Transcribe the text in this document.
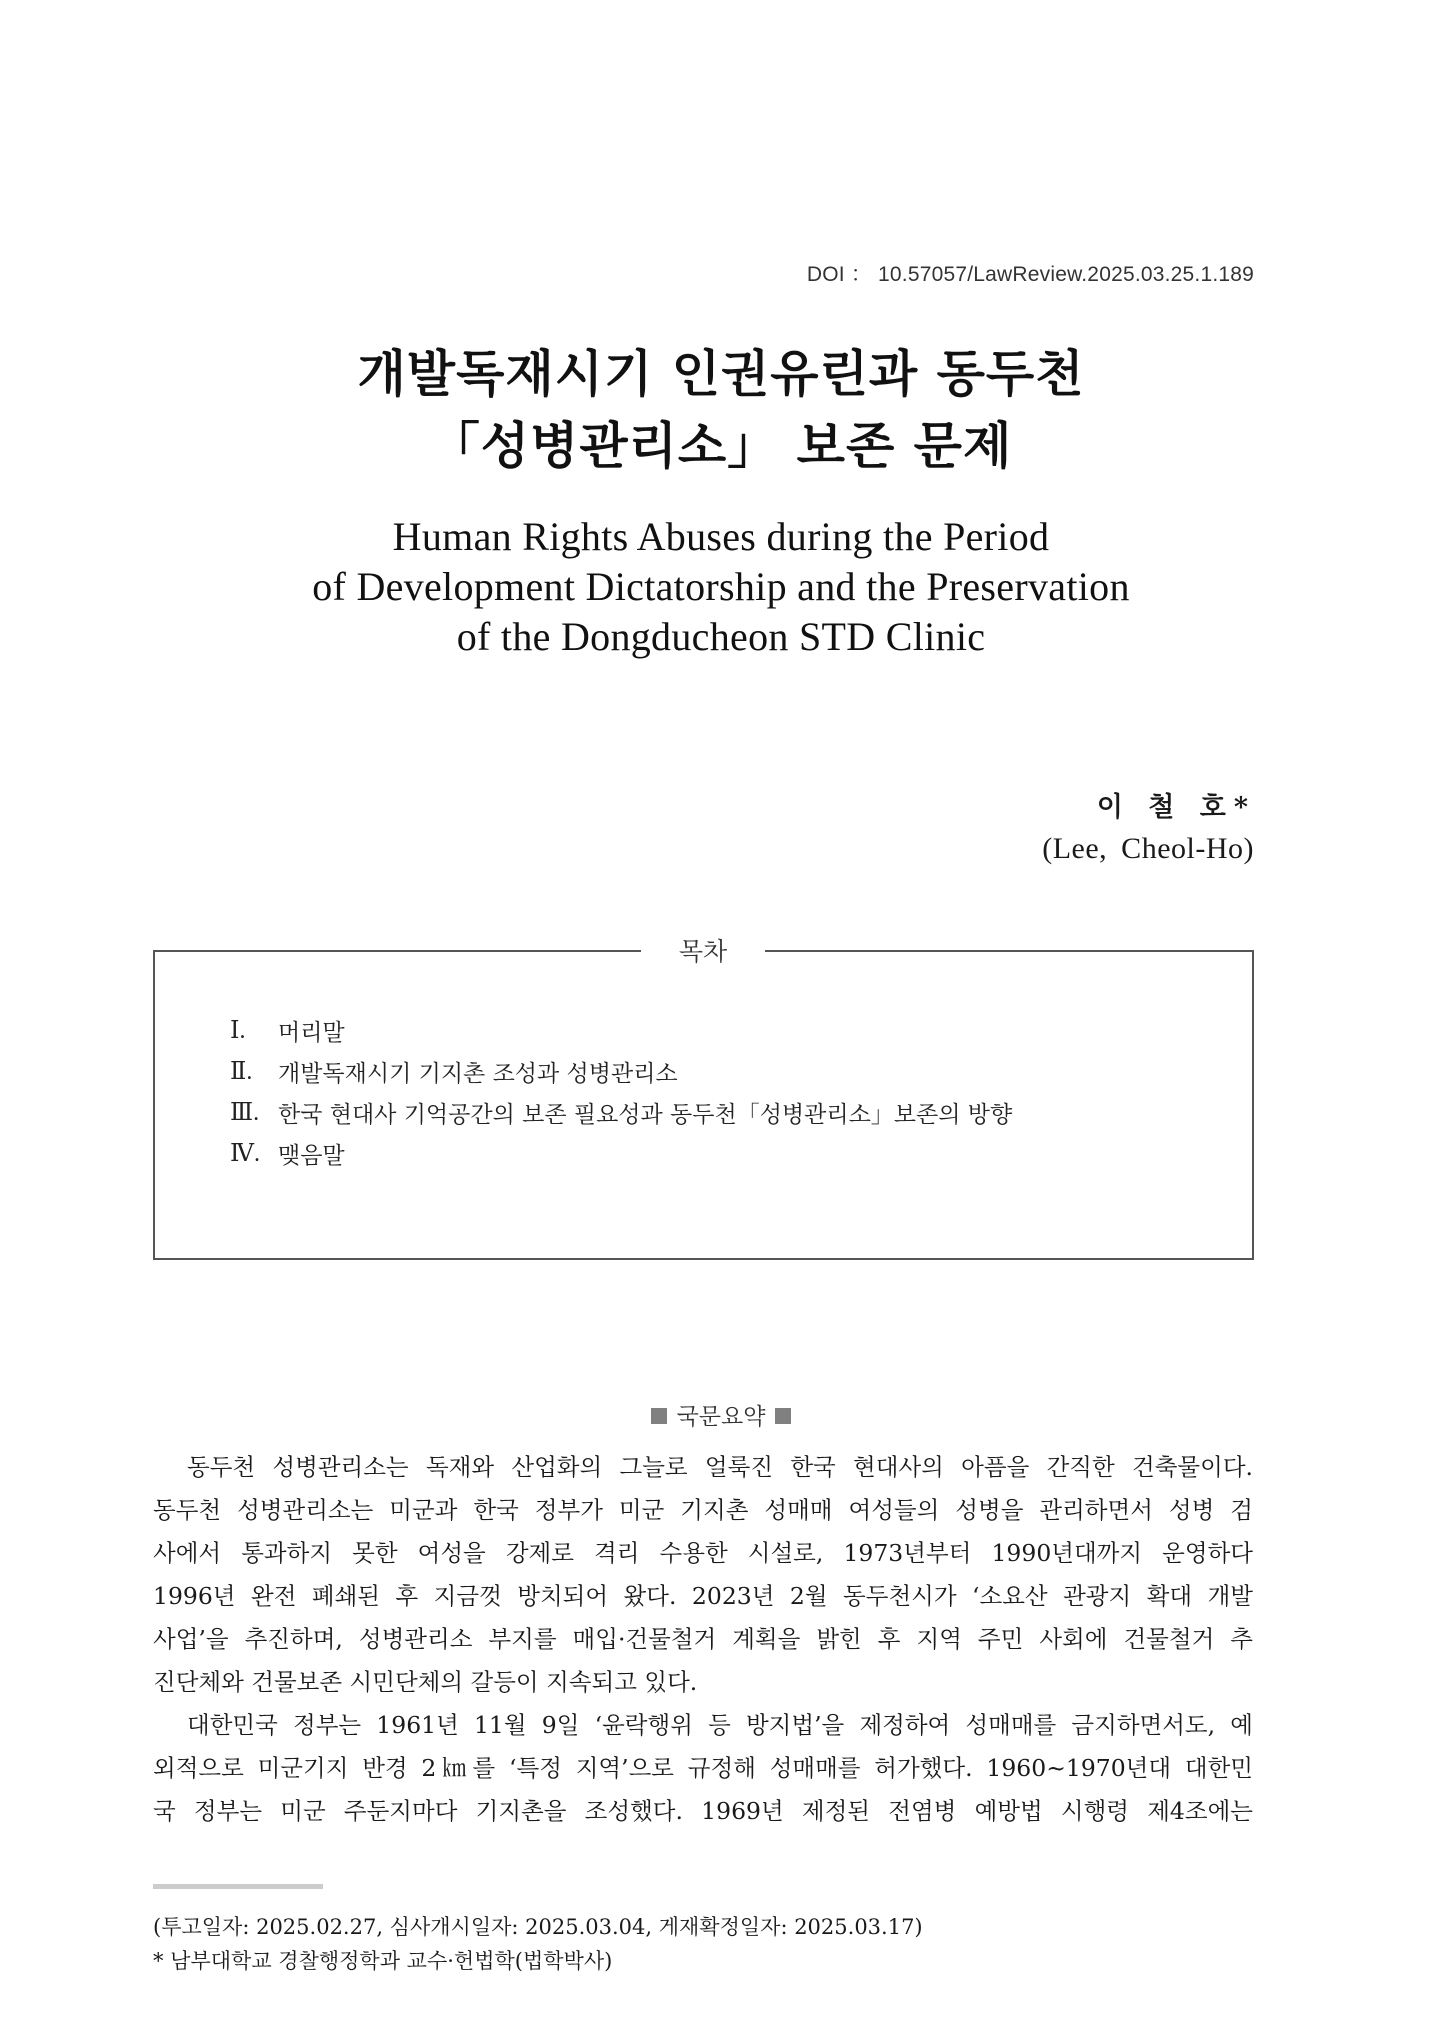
DOI ： 10.57057/LawReview.2025.03.25.1.189
개발독재시기 인권유린과 동두천
「성병관리소」 보존 문제
Human Rights Abuses during the Period
of Development Dictatorship and the Preservation
of the Dongducheon STD Clinic
이 철 호*
(Lee, Cheol-Ho)
목차
Ⅰ.	머리말
Ⅱ.	개발독재시기 기지촌 조성과 성병관리소
Ⅲ. 한국 현대사 기억공간의 보존 필요성과 동두천「성병관리소」보존의 방향
Ⅳ. 맺음말
국문요약
동두천 성병관리소는 독재와 산업화의 그늘로 얼룩진 한국 현대사의 아픔을 간직한 건축물이다.
동두천 성병관리소는 미군과 한국 정부가 미군 기지촌 성매매 여성들의 성병을 관리하면서 성병 검
사에서 통과하지 못한 여성을 강제로 격리 수용한 시설로, 1973년부터 1990년대까지 운영하다
1996년 완전 폐쇄된 후 지금껏 방치되어 왔다. 2023년 2월 동두천시가 ‘소요산 관광지 확대 개발
사업’을 추진하며, 성병관리소 부지를 매입·건물철거 계획을 밝힌 후 지역 주민 사회에 건물철거 추
진단체와 건물보존 시민단체의 갈등이 지속되고 있다.
대한민국 정부는 1961년 11월 9일 ‘윤락행위 등 방지법’을 제정하여 성매매를 금지하면서도, 예
외적으로 미군기지 반경 2㎞를 ‘특정 지역’으로 규정해 성매매를 허가했다. 1960~1970년대 대한민
국 정부는 미군 주둔지마다 기지촌을 조성했다. 1969년 제정된 전염병 예방법 시행령 제4조에는
(투고일자: 2025.02.27, 심사개시일자: 2025.03.04, 게재확정일자: 2025.03.17)
* 남부대학교 경찰행정학과 교수·헌법학(법학박사)
